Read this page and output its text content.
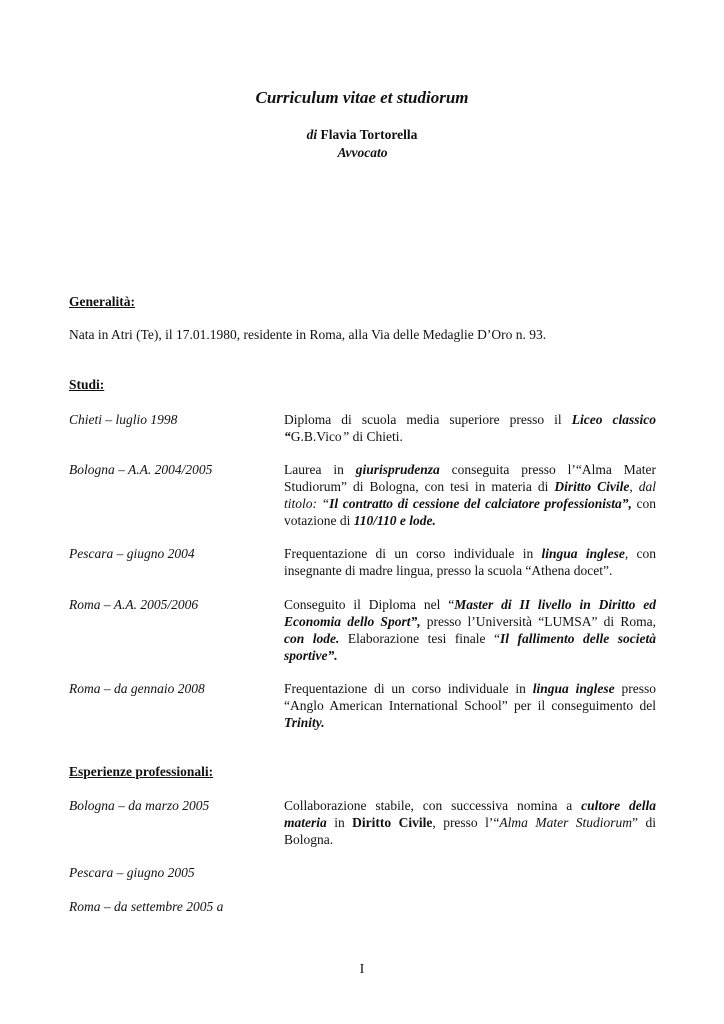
Curriculum vitae et studiorum
di Flavia Tortorella
Avvocato
Generalità:
Nata in Atri (Te), il 17.01.1980, residente in Roma, alla Via delle Medaglie D’Oro n. 93.
Studi:
Chieti – luglio 1998	Diploma di scuola media superiore presso il Liceo classico “G.B.Vico” di Chieti.
Bologna – A.A. 2004/2005	Laurea in giurisprudenza conseguita presso l’“Alma Mater Studiorum” di Bologna, con tesi in materia di Diritto Civile, dal titolo: “Il contratto di cessione del calciatore professionista”, con votazione di 110/110 e lode.
Pescara – giugno 2004	Frequentazione di un corso individuale in lingua inglese, con insegnante di madre lingua, presso la scuola “Athena docet”.
Roma – A.A. 2005/2006	Conseguito il Diploma nel “Master di II livello in Diritto ed Economia dello Sport”, presso l’Università “LUMSA” di Roma, con lode. Elaborazione tesi finale “Il fallimento delle società sportive”.
Roma – da gennaio 2008	Frequentazione di un corso individuale in lingua inglese presso “Anglo American International School” per il conseguimento del Trinity.
Esperienze professionali:
Bologna – da marzo 2005	Collaborazione stabile, con successiva nomina a cultore della materia in Diritto Civile, presso l’“Alma Mater Studiorum” di Bologna.
Pescara – giugno 2005
Roma – da settembre 2005 a
I
